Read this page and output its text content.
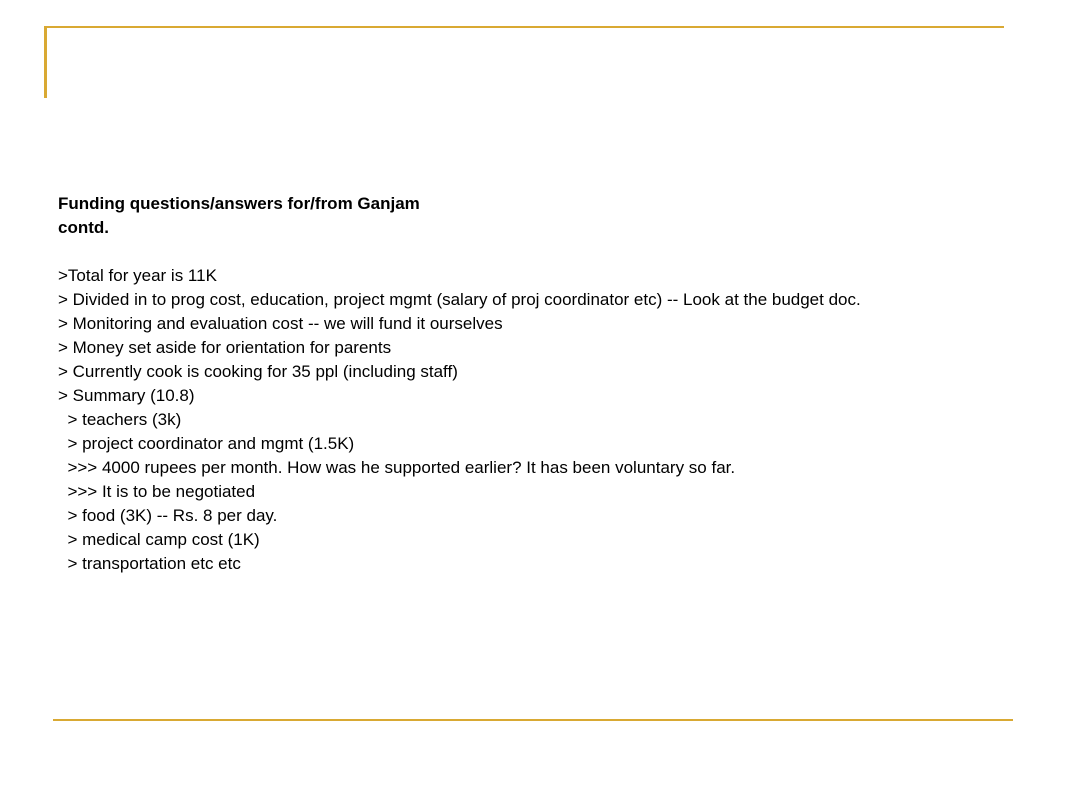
Funding questions/answers for/from Ganjam
contd.

>Total for year is 11K

> Divided in to prog cost, education, project mgmt (salary of proj coordinator etc) -- Look at the budget doc.

> Monitoring and evaluation cost -- we will fund it ourselves

> Money set aside for orientation for parents

> Currently cook is cooking for 35 ppl (including staff)

> Summary (10.8)

> teachers (3k)

> project coordinator and mgmt (1.5K)

>>> 4000 rupees per month. How was he supported earlier? It has been voluntary so far.

>>> It is to be negotiated

> food (3K) -- Rs. 8 per day.

> medical camp cost (1K)

> transportation etc etc
